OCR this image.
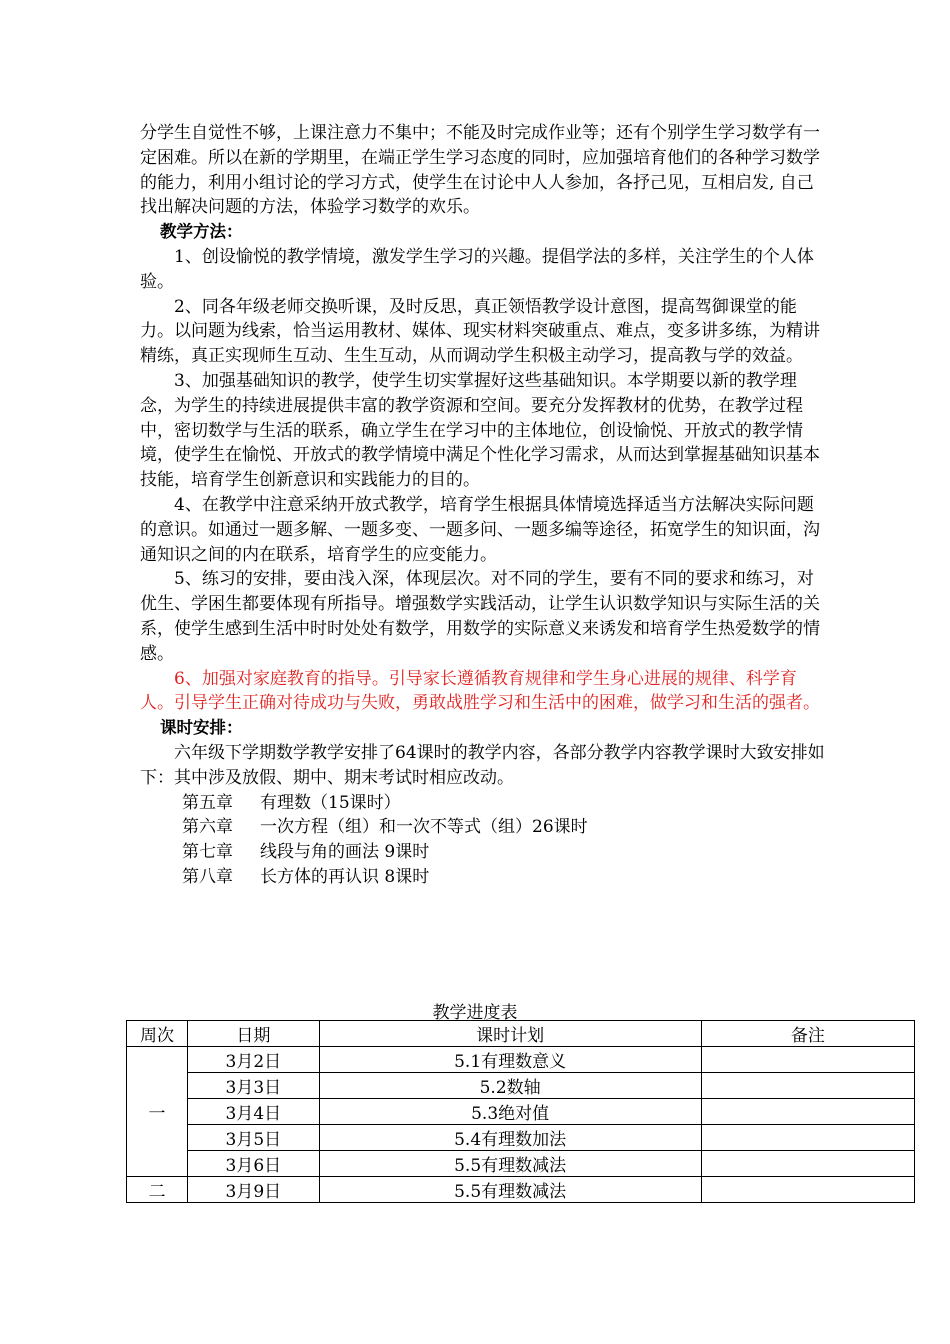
分学生自觉性不够，上课注意力不集中；不能及时完成作业等；还有个别学生学习数学有一定困难。所以在新的学期里，在端正学生学习态度的同时，应加强培育他们的各种学习数学的能力，利用小组讨论的学习方式，使学生在讨论中人人参加，各抒己见，互相启发, 自己找出解决问题的方法，体验学习数学的欢乐。

教学方法：

1、创设愉悦的教学情境，激发学生学习的兴趣。提倡学法的多样，关注学生的个人体验。

2、同各年级老师交换听课，及时反思，真正领悟教学设计意图，提高驾御课堂的能力。以问题为线索，恰当运用教材、媒体、现实材料突破重点、难点，变多讲多练，为精讲精练，真正实现师生互动、生生互动，从而调动学生积极主动学习，提高教与学的效益。

3、加强基础知识的教学，使学生切实掌握好这些基础知识。本学期要以新的教学理念，为学生的持续进展提供丰富的教学资源和空间。要充分发挥教材的优势，在教学过程中，密切数学与生活的联系，确立学生在学习中的主体地位，创设愉悦、开放式的教学情境，使学生在愉悦、开放式的教学情境中满足个性化学习需求，从而达到掌握基础知识基本技能，培育学生创新意识和实践能力的目的。

4、在教学中注意采纳开放式教学，培育学生根据具体情境选择适当方法解决实际问题的意识。如通过一题多解、一题多变、一题多问、一题多编等途径，拓宽学生的知识面，沟通知识之间的内在联系，培育学生的应变能力。

5、练习的安排，要由浅入深，体现层次。对不同的学生，要有不同的要求和练习，对优生、学困生都要体现有所指导。增强数学实践活动，让学生认识数学知识与实际生活的关系，使学生感到生活中时时处处有数学，用数学的实际意义来诱发和培育学生热爱数学的情感。

6、加强对家庭教育的指导。引导家长遵循教育规律和学生身心进展的规律、科学育人。引导学生正确对待成功与失败，勇敢战胜学习和生活中的困难，做学习和生活的强者。

课时安排：

六年级下学期数学教学安排了64课时的教学内容，各部分教学内容教学课时大致安排如下：其中涉及放假、期中、期末考试时相应改动。

第五章 有理数（15课时）

第六章 一次方程（组）和一次不等式（组）26课时

第七章 线段与角的画法 9课时

第八章 长方体的再认识 8课时

教学进度表
周次	日期	课时计划	备注
一	3月2日	5.1有理数意义	
	3月3日	5.2数轴	
	3月4日	5.3绝对值	
	3月5日	5.4有理数加法	
	3月6日	5.5有理数减法	
二	3月9日	5.5有理数减法	
